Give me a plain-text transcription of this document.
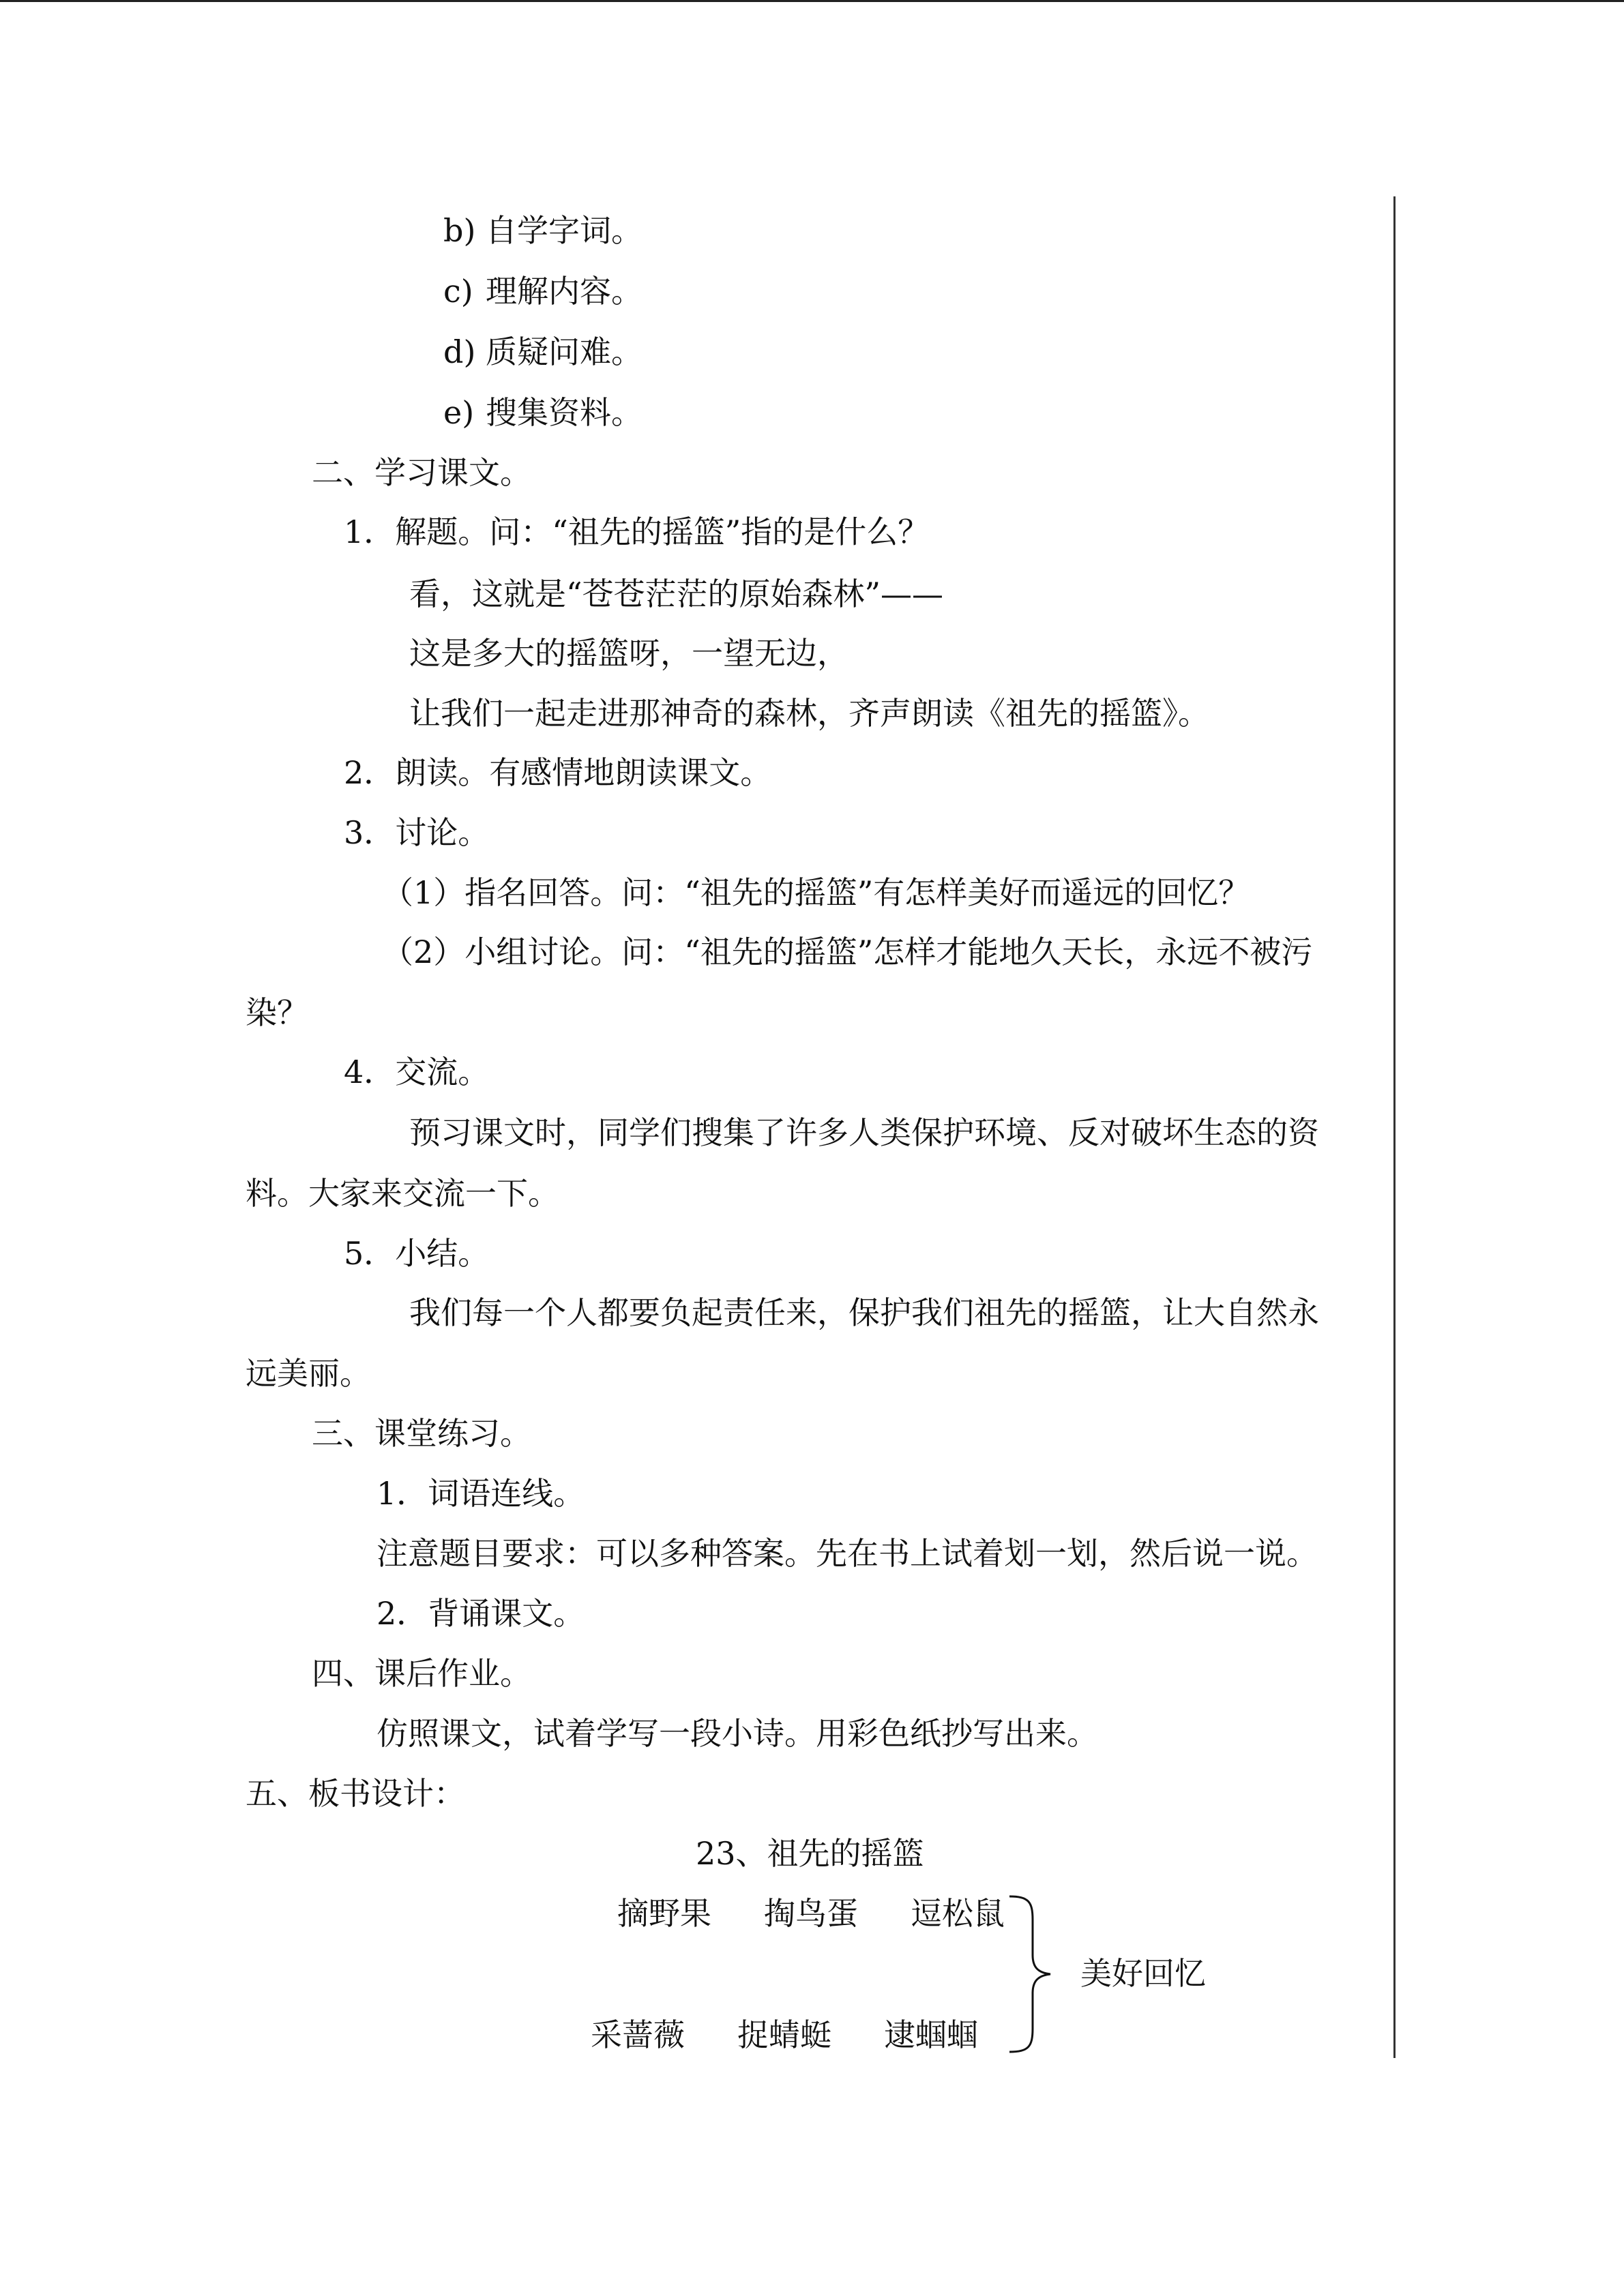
b) 自学字词。
c) 理解内容。
d) 质疑问难。
e) 搜集资料。
二、学习课文。
1．解题。问：“祖先的摇篮”指的是什么？
看，这就是“苍苍茫茫的原始森林”——
这是多大的摇篮呀，一望无边，
让我们一起走进那神奇的森林，齐声朗读《祖先的摇篮》。
2．朗读。有感情地朗读课文。
3．讨论。
（1）指名回答。问：“祖先的摇篮”有怎样美好而遥远的回忆？
（2）小组讨论。问：“祖先的摇篮”怎样才能地久天长，永远不被污
染？
4．交流。
预习课文时，同学们搜集了许多人类保护环境、反对破坏生态的资
料。大家来交流一下。
5．小结。
我们每一个人都要负起责任来，保护我们祖先的摇篮，让大自然永
远美丽。
三、课堂练习。
1．词语连线。
注意题目要求：可以多种答案。先在书上试着划一划，然后说一说。
2．背诵课文。
四、课后作业。
仿照课文，试着学写一段小诗。用彩色纸抄写出来。
五、板书设计：
23、祖先的摇篮
摘野果 掏鸟蛋 逗松鼠
采蔷薇 捉蜻蜓 逮蝈蝈
美好回忆
